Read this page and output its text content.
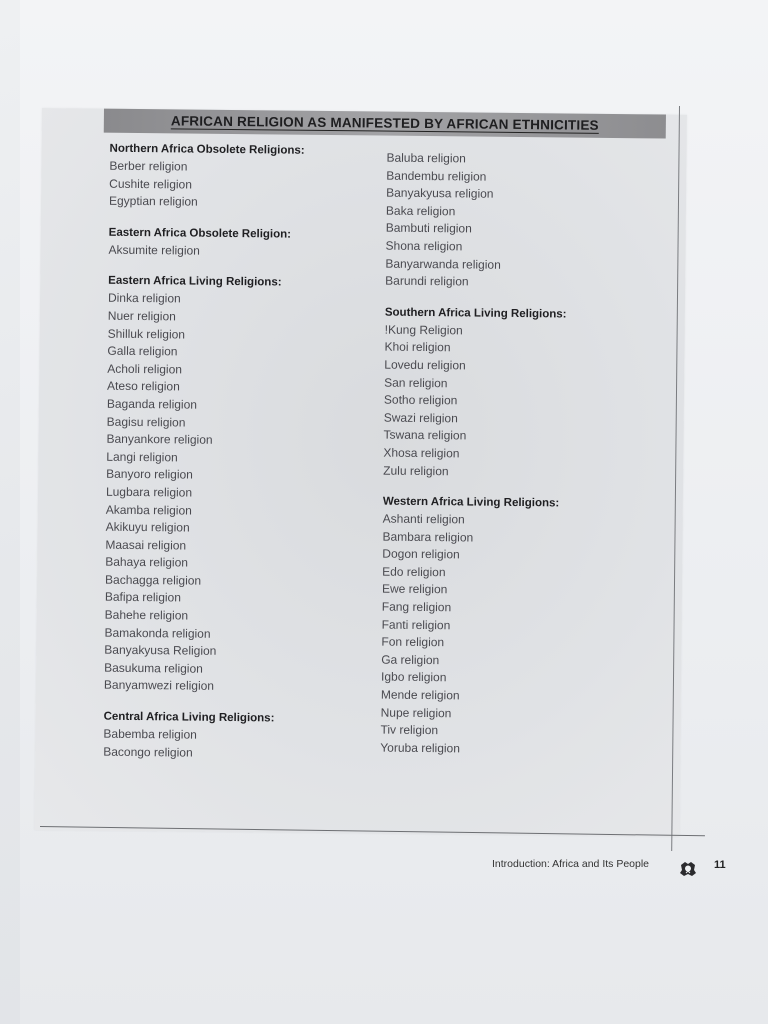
AFRICAN RELIGION AS MANIFESTED BY AFRICAN ETHNICITIES
Northern Africa Obsolete Religions:
Berber religion
Cushite religion
Egyptian religion
Eastern Africa Obsolete Religion:
Aksumite religion
Eastern Africa Living Religions:
Dinka religion
Nuer religion
Shilluk religion
Galla religion
Acholi religion
Ateso religion
Baganda religion
Bagisu religion
Banyankore religion
Langi religion
Banyoro religion
Lugbara religion
Akamba religion
Akikuyu religion
Maasai religion
Bahaya religion
Bachagga religion
Bafipa religion
Bahehe religion
Bamakonda religion
Banyakyusa Religion
Basukuma religion
Banyamwezi religion
Central Africa Living Religions:
Babemba religion
Bacongo religion
Baluba religion
Bandembu religion
Banyakyusa religion
Baka religion
Bambuti religion
Shona religion
Banyarwanda religion
Barundi religion
Southern Africa Living Religions:
!Kung Religion
Khoi religion
Lovedu religion
San religion
Sotho religion
Swazi religion
Tswana religion
Xhosa religion
Zulu religion
Western Africa Living Religions:
Ashanti religion
Bambara religion
Dogon religion
Edo religion
Ewe religion
Fang religion
Fanti religion
Fon religion
Ga religion
Igbo religion
Mende religion
Nupe religion
Tiv religion
Yoruba religion
Introduction: Africa and Its People	11
